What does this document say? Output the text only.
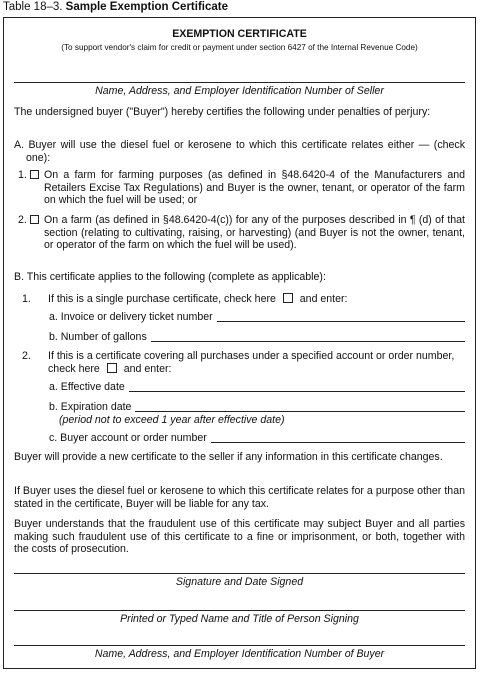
Table 18–3. Sample Exemption Certificate
EXEMPTION CERTIFICATE
(To support vendor's claim for credit or payment under section 6427 of the Internal Revenue Code)
Name, Address, and Employer Identification Number of Seller
The undersigned buyer ("Buyer") hereby certifies the following under penalties of perjury:
A. Buyer will use the diesel fuel or kerosene to which this certificate relates either — (check one):
1. On a farm for farming purposes (as defined in §48.6420-4 of the Manufacturers and Retailers Excise Tax Regulations) and Buyer is the owner, tenant, or operator of the farm on which the fuel will be used; or
2. On a farm (as defined in §48.6420-4(c)) for any of the purposes described in ¶ (d) of that section (relating to cultivating, raising, or harvesting) (and Buyer is not the owner, tenant, or operator of the farm on which the fuel will be used).
B. This certificate applies to the following (complete as applicable):
1. If this is a single purchase certificate, check here and enter:
a. Invoice or delivery ticket number
b. Number of gallons
2. If this is a certificate covering all purchases under a specified account or order number, check here and enter:
a. Effective date
b. Expiration date
(period not to exceed 1 year after effective date)
c. Buyer account or order number
Buyer will provide a new certificate to the seller if any information in this certificate changes.
If Buyer uses the diesel fuel or kerosene to which this certificate relates for a purpose other than stated in the certificate, Buyer will be liable for any tax.
Buyer understands that the fraudulent use of this certificate may subject Buyer and all parties making such fraudulent use of this certificate to a fine or imprisonment, or both, together with the costs of prosecution.
Signature and Date Signed
Printed or Typed Name and Title of Person Signing
Name, Address, and Employer Identification Number of Buyer
